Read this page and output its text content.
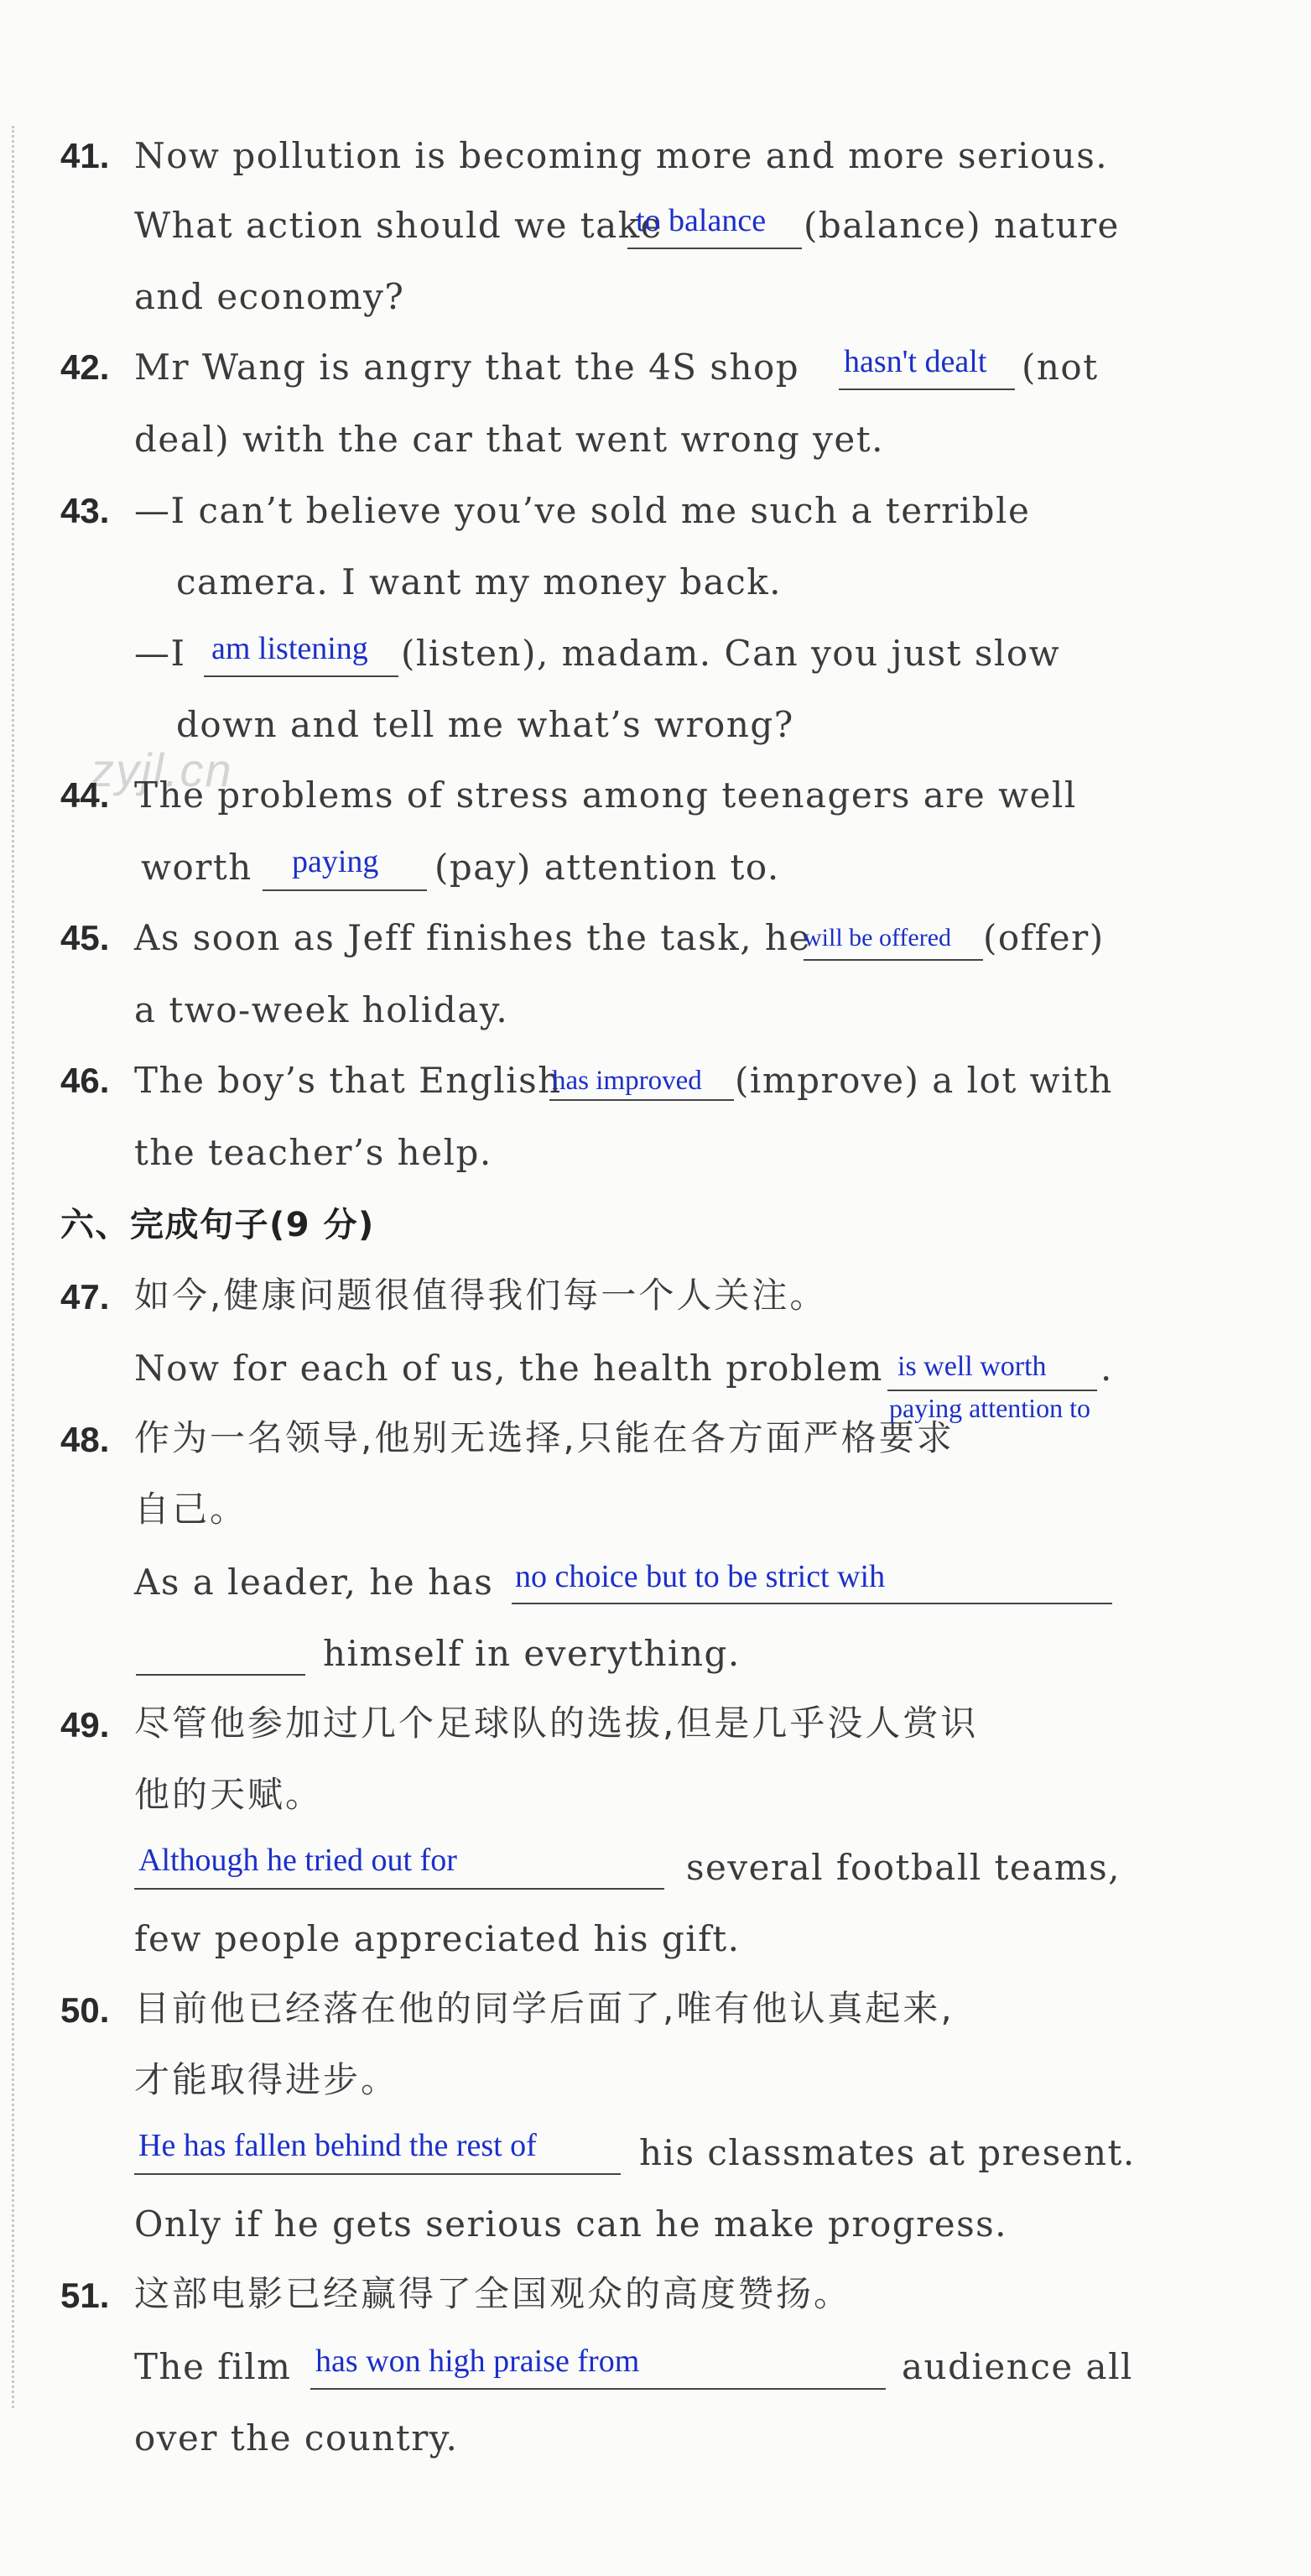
zyjl.cn
41. Now pollution is becoming more and more serious.
What action should we take
to balance (balance) nature
and economy?
42. Mr Wang is angry that the 4S shop hasn't dealt (not
deal) with the car that went wrong yet.
43. —I can’t believe you’ve sold me such a terrible
camera. I want my money back.
—I am listening (listen), madam. Can you just slow
down and tell me what’s wrong?
44. The problems of stress among teenagers are well
worth paying (pay) attention to.
45. As soon as Jeff finishes the task, he
will be offered (offer)
a two-week holiday.
46. The boy’s that English
has improved (improve) a lot with
the teacher’s help.
六、完成句子(9 分)
47. 如今,健康问题很值得我们每一个人关注。
Now for each of us, the health problem is well worth .
paying attention to
48. 作为一名领导,他别无选择,只能在各方面严格要求
自己。
As a leader, he has no choice but to be strict wih
himself in everything.
49. 尽管他参加过几个足球队的选拔,但是几乎没人赏识
他的天赋。
Although he tried out for	several football teams,
few people appreciated his gift.
50. 目前他已经落在他的同学后面了,唯有他认真起来,
才能取得进步。
He has fallen behind the rest of	his classmates at present.
Only if he gets serious can he make progress.
51. 这部电影已经赢得了全国观众的高度赞扬。
The film has won high praise from	audience all
over the country.
